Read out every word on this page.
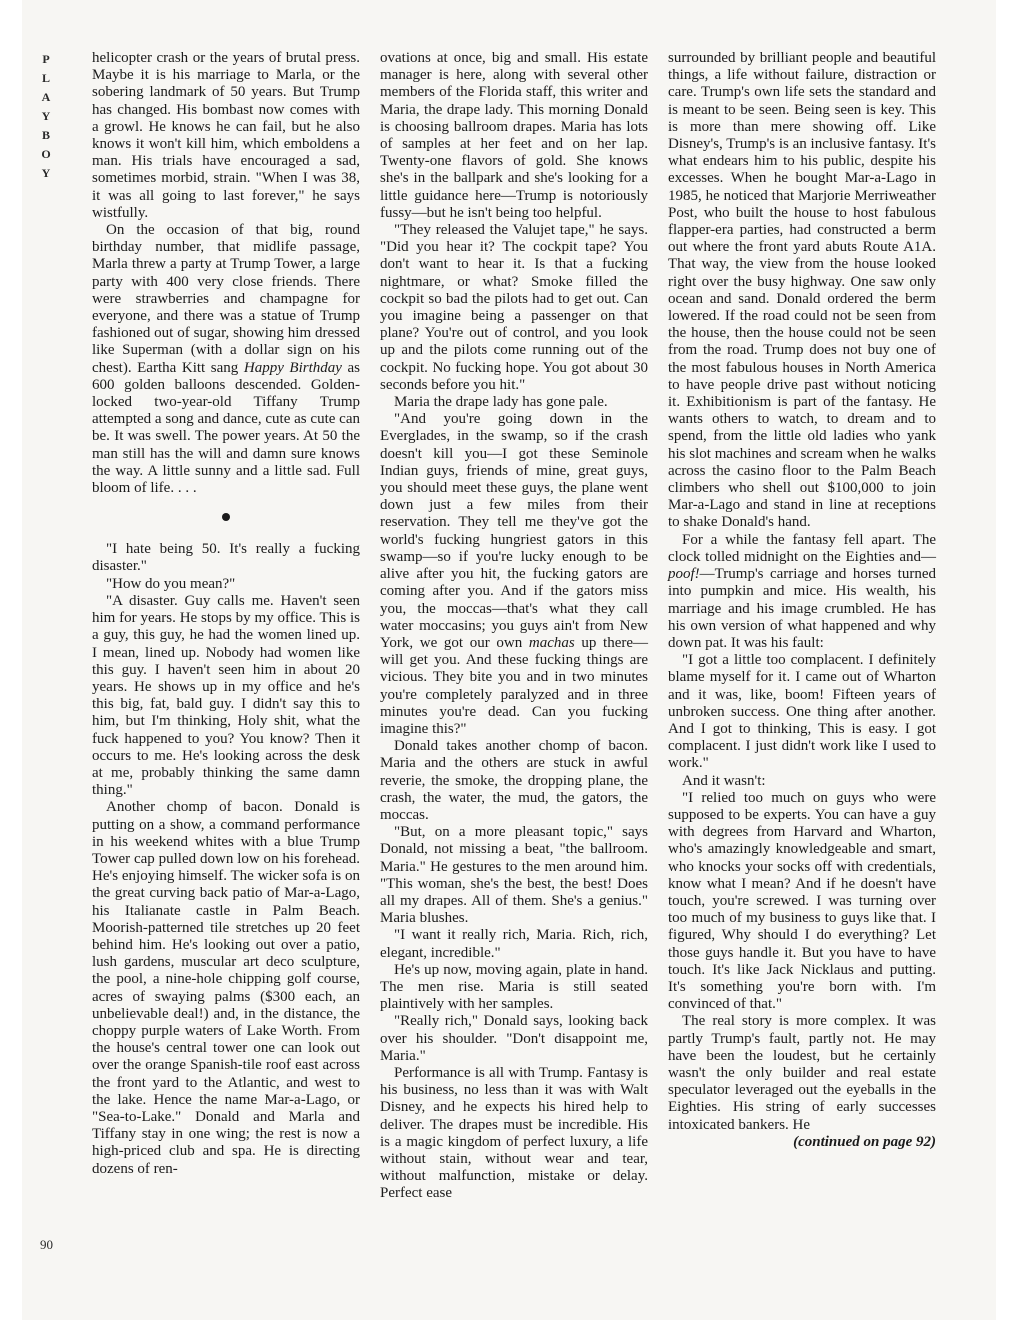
P
L
A
Y
B
O
Y

helicopter crash or the years of brutal press. Maybe it is his marriage to Marla, or the sobering landmark of 50 years. But Trump has changed. His bombast now comes with a growl. He knows he can fail, but he also knows it won't kill him, which emboldens a man. His trials have encouraged a sad, sometimes morbid, strain. "When I was 38, it was all going to last forever," he says wistfully.

On the occasion of that big, round birthday number, that midlife passage, Marla threw a party at Trump Tower, a large party with 400 very close friends. There were strawberries and champagne for everyone, and there was a statue of Trump fashioned out of sugar, showing him dressed like Superman (with a dollar sign on his chest). Eartha Kitt sang Happy Birthday as 600 golden balloons descended. Golden-locked two-year-old Tiffany Trump attempted a song and dance, cute as cute can be. It was swell. The power years. At 50 the man still has the will and damn sure knows the way. A little sunny and a little sad. Full bloom of life. . . .

"I hate being 50. It's really a fucking disaster."

"How do you mean?"

"A disaster. Guy calls me. Haven't seen him for years. He stops by my office. This is a guy, this guy, he had the women lined up. I mean, lined up. Nobody had women like this guy. I haven't seen him in about 20 years. He shows up in my office and he's this big, fat, bald guy. I didn't say this to him, but I'm thinking, Holy shit, what the fuck happened to you? You know? Then it occurs to me. He's looking across the desk at me, probably thinking the same damn thing."

Another chomp of bacon. Donald is putting on a show, a command performance in his weekend whites with a blue Trump Tower cap pulled down low on his forehead. He's enjoying himself. The wicker sofa is on the great curving back patio of Mar-a-Lago, his Italianate castle in Palm Beach. Moorish-patterned tile stretches up 20 feet behind him. He's looking out over a patio, lush gardens, muscular art deco sculpture, the pool, a nine-hole chipping golf course, acres of swaying palms ($300 each, an unbelievable deal!) and, in the distance, the choppy purple waters of Lake Worth. From the house's central tower one can look out over the orange Spanish-tile roof east across the front yard to the Atlantic, and west to the lake. Hence the name Mar-a-Lago, or "Sea-to-Lake." Donald and Marla and Tiffany stay in one wing; the rest is now a high-priced club and spa. He is directing dozens of ren-

ovations at once, big and small. His estate manager is here, along with several other members of the Florida staff, this writer and Maria, the drape lady. This morning Donald is choosing ballroom drapes. Maria has lots of samples at her feet and on her lap. Twenty-one flavors of gold. She knows she's in the ballpark and she's looking for a little guidance here—Trump is notoriously fussy—but he isn't being too helpful.

"They released the Valujet tape," he says. "Did you hear it? The cockpit tape? You don't want to hear it. Is that a fucking nightmare, or what? Smoke filled the cockpit so bad the pilots had to get out. Can you imagine being a passenger on that plane? You're out of control, and you look up and the pilots come running out of the cockpit. No fucking hope. You got about 30 seconds before you hit."

Maria the drape lady has gone pale.

"And you're going down in the Everglades, in the swamp, so if the crash doesn't kill you—I got these Seminole Indian guys, friends of mine, great guys, you should meet these guys, the plane went down just a few miles from their reservation. They tell me they've got the world's fucking hungriest gators in this swamp—so if you're lucky enough to be alive after you hit, the fucking gators are coming after you. And if the gators miss you, the moccas—that's what they call water moccasins; you guys ain't from New York, we got our own machas up there—will get you. And these fucking things are vicious. They bite you and in two minutes you're completely paralyzed and in three minutes you're dead. Can you fucking imagine this?"

Donald takes another chomp of bacon. Maria and the others are stuck in awful reverie, the smoke, the dropping plane, the crash, the water, the mud, the gators, the moccas.

"But, on a more pleasant topic," says Donald, not missing a beat, "the ballroom. Maria." He gestures to the men around him. "This woman, she's the best, the best! Does all my drapes. All of them. She's a genius." Maria blushes.

"I want it really rich, Maria. Rich, rich, elegant, incredible."

He's up now, moving again, plate in hand. The men rise. Maria is still seated plaintively with her samples.

"Really rich," Donald says, looking back over his shoulder. "Don't disappoint me, Maria."

Performance is all with Trump. Fantasy is his business, no less than it was with Walt Disney, and he expects his hired help to deliver. The drapes must be incredible. His is a magic kingdom of perfect luxury, a life without stain, without wear and tear, without malfunction, mistake or delay. Perfect ease

surrounded by brilliant people and beautiful things, a life without failure, distraction or care. Trump's own life sets the standard and is meant to be seen. Being seen is key. This is more than mere showing off. Like Disney's, Trump's is an inclusive fantasy. It's what endears him to his public, despite his excesses. When he bought Mar-a-Lago in 1985, he noticed that Marjorie Merriweather Post, who built the house to host fabulous flapper-era parties, had constructed a berm out where the front yard abuts Route A1A. That way, the view from the house looked right over the busy highway. One saw only ocean and sand. Donald ordered the berm lowered. If the road could not be seen from the house, then the house could not be seen from the road. Trump does not buy one of the most fabulous houses in North America to have people drive past without noticing it. Exhibitionism is part of the fantasy. He wants others to watch, to dream and to spend, from the little old ladies who yank his slot machines and scream when he walks across the casino floor to the Palm Beach climbers who shell out $100,000 to join Mar-a-Lago and stand in line at receptions to shake Donald's hand.

For a while the fantasy fell apart. The clock tolled midnight on the Eighties and—poof!—Trump's carriage and horses turned into pumpkin and mice. His wealth, his marriage and his image crumbled. He has his own version of what happened and why down pat. It was his fault:

"I got a little too complacent. I definitely blame myself for it. I came out of Wharton and it was, like, boom! Fifteen years of unbroken success. One thing after another. And I got to thinking, This is easy. I got complacent. I just didn't work like I used to work."

And it wasn't:

"I relied too much on guys who were supposed to be experts. You can have a guy with degrees from Harvard and Wharton, who's amazingly knowledgeable and smart, who knocks your socks off with credentials, know what I mean? And if he doesn't have touch, you're screwed. I was turning over too much of my business to guys like that. I figured, Why should I do everything? Let those guys handle it. But you have to have touch. It's like Jack Nicklaus and putting. It's something you're born with. I'm convinced of that."

The real story is more complex. It was partly Trump's fault, partly not. He may have been the loudest, but he certainly wasn't the only builder and real estate speculator leveraged out the eyeballs in the Eighties. His string of early successes intoxicated bankers. He

(continued on page 92)

90
